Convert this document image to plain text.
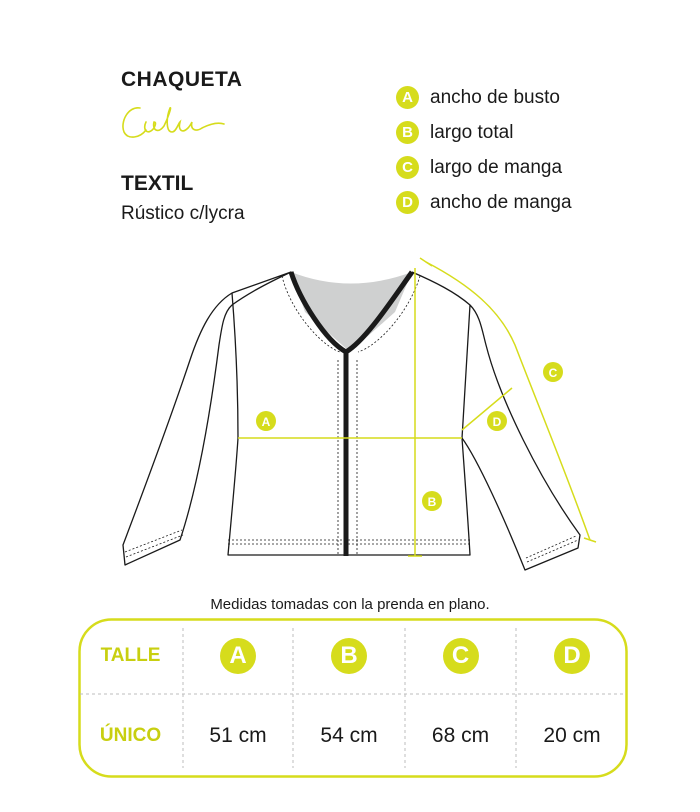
CHAQUETA
TEXTIL
Rústico c/lycra
A ancho de busto
B largo total
C largo de manga
D ancho de manga
A
B
C
D
Medidas tomadas con la prenda en plano.
TALLE	A	B	C	D
ÚNICO	51 cm	54 cm	68 cm	20 cm
